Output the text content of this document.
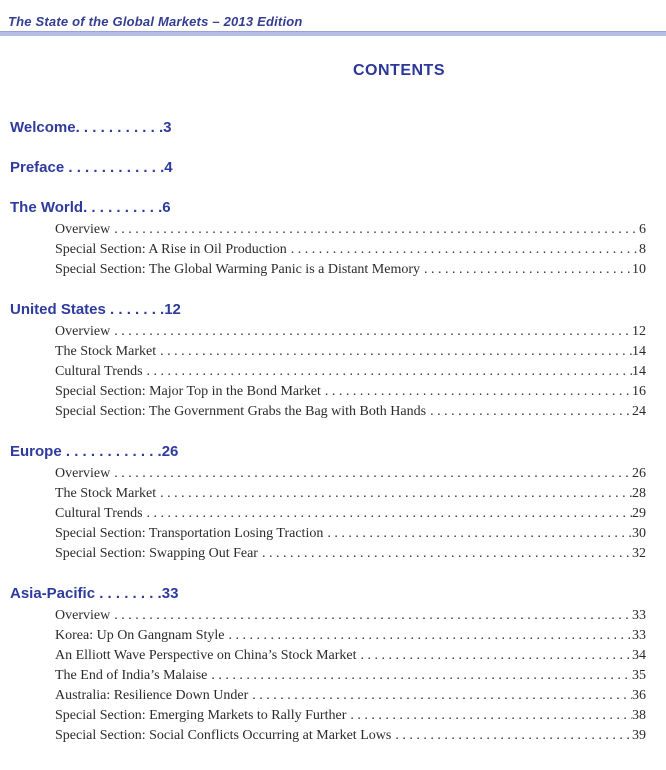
The State of the Global Markets – 2013 Edition
CONTENTS
Welcome. . . . . . . . . . .3
Preface . . . . . . . . . . . .4
The World. . . . . . . . . .6
Overview . . .	6
Special Section: A Rise in Oil Production . . .	8
Special Section: The Global Warming Panic is a Distant Memory . . .	10
United States . . . . . . .12
Overview . . .	12
The Stock Market . . .	14
Cultural Trends . . .	14
Special Section: Major Top in the Bond Market . . .	16
Special Section: The Government Grabs the Bag with Both Hands . . .	24
Europe . . . . . . . . . . . .26
Overview . . .	26
The Stock Market . . .	28
Cultural Trends . . .	29
Special Section: Transportation Losing Traction . . .	30
Special Section: Swapping Out Fear . . .	32
Asia-Pacific . . . . . . . .33
Overview . . .	33
Korea: Up On Gangnam Style . . .	33
An Elliott Wave Perspective on China’s Stock Market . . .	34
The End of India’s Malaise . . .	35
Australia: Resilience Down Under . . .	36
Special Section: Emerging Markets to Rally Further . . .	38
Special Section: Social Conflicts Occurring at Market Lows . . .	39
